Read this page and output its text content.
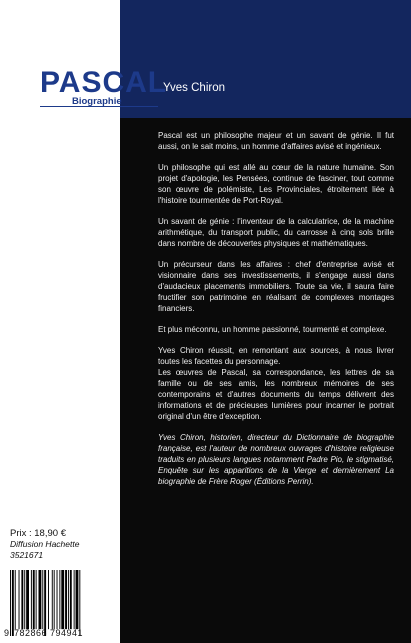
PASCAL
Yves Chiron
Biographie

Pascal est un philosophe majeur et un savant de génie. Il fut aussi, on le sait moins, un homme d'affaires avisé et ingénieux.

Un philosophe qui est allé au cœur de la nature humaine. Son projet d'apologie, les Pensées, continue de fasciner, tout comme son œuvre de polémiste, Les Provinciales, étroitement liée à l'histoire tourmentée de Port-Royal.

Un savant de génie : l'inventeur de la calculatrice, de la machine arithmétique, du transport public, du carrosse à cinq sols brille dans nombre de découvertes physiques et mathématiques.

Un précurseur dans les affaires : chef d'entreprise avisé et visionnaire dans ses investissements, il s'engage aussi dans d'audacieux placements immobiliers. Toute sa vie, il saura faire fructifier son patrimoine en réalisant de complexes montages financiers.

Et plus méconnu, un homme passionné, tourmenté et complexe.

Yves Chiron réussit, en remontant aux sources, à nous livrer toutes les facettes du personnage.

Les œuvres de Pascal, sa correspondance, les lettres de sa famille ou de ses amis, les nombreux mémoires de ses contemporains et d'autres documents du temps délivrent des informations et de précieuses lumières pour incarner le portrait original d'un être d'exception.

Yves Chiron, historien, directeur du Dictionnaire de biographie française, est l'auteur de nombreux ouvrages d'histoire religieuse traduits en plusieurs langues notamment Padre Pio, le stigmatisé, Enquête sur les apparitions de la Vierge et dernièrement La biographie de Frère Roger (Éditions Perrin).

Prix : 18,90 €
Diffusion Hachette
3521671
9 782866 794941
